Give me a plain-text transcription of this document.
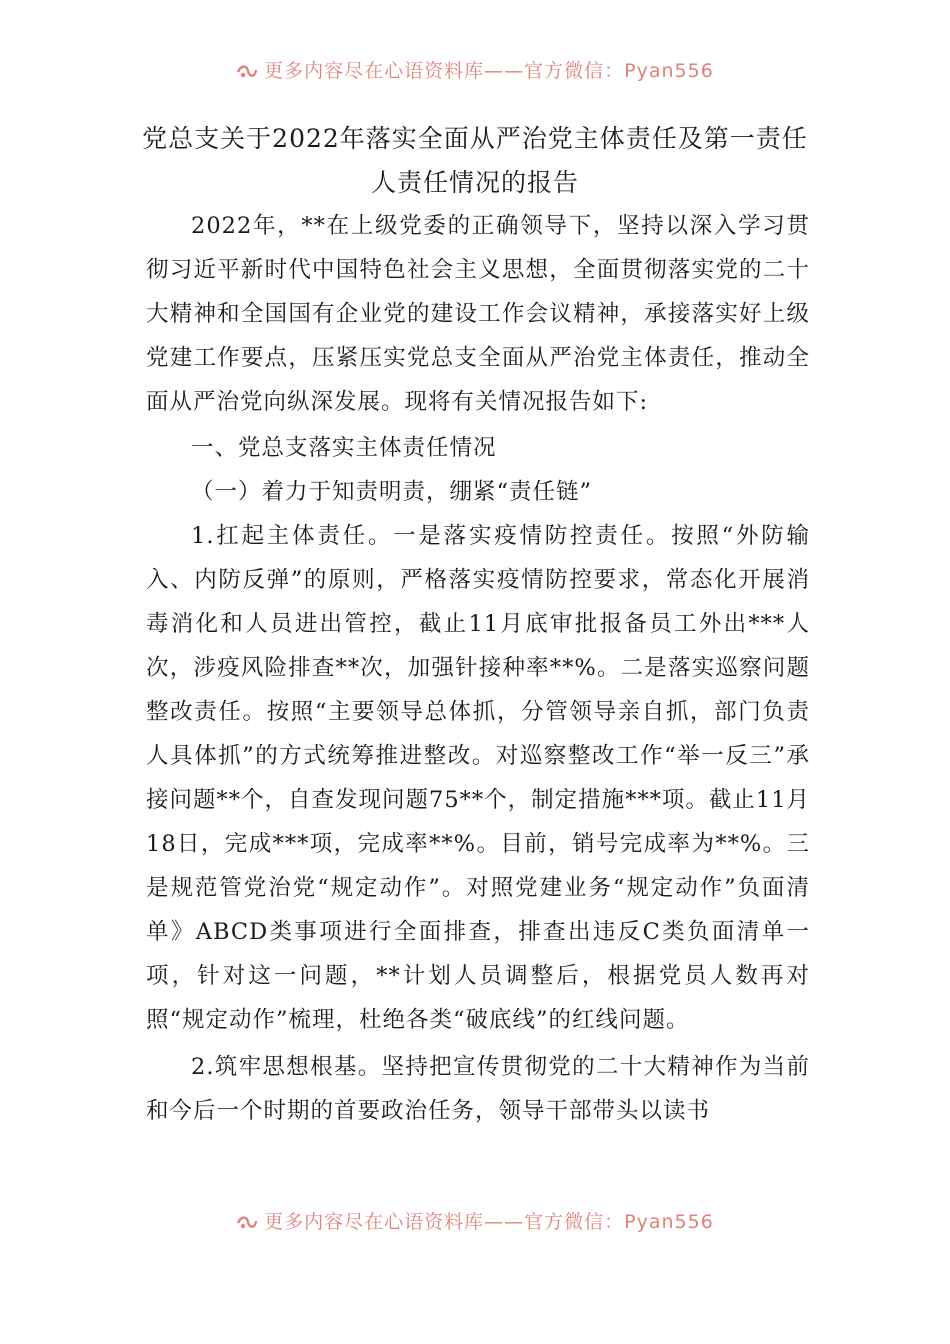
更多内容尽在心语资料库——官方微信：Pyan556
党总支关于2022年落实全面从严治党主体责任及第一责任人责任情况的报告

2022年，**在上级党委的正确领导下，坚持以深入学习贯彻习近平新时代中国特色社会主义思想，全面贯彻落实党的二十大精神和全国国有企业党的建设工作会议精神，承接落实好上级党建工作要点，压紧压实党总支全面从严治党主体责任，推动全面从严治党向纵深发展。现将有关情况报告如下:

一、党总支落实主体责任情况

（一）着力于知责明责，绷紧“责任链”

1.扛起主体责任。一是落实疫情防控责任。按照“外防输入、内防反弹”的原则，严格落实疫情防控要求，常态化开展消毒消化和人员进出管控，截止11月底审批报备员工外出***人次，涉疫风险排查**次，加强针接种率**%。二是落实巡察问题整改责任。按照“主要领导总体抓，分管领导亲自抓，部门负责人具体抓”的方式统筹推进整改。对巡察整改工作“举一反三”承接问题**个，自查发现问题75**个，制定措施***项。截止11月18日，完成***项，完成率**%。目前，销号完成率为**%。三是规范管党治党“规定动作”。对照党建业务“规定动作”负面清单》ABCD类事项进行全面排查，排查出违反C类负面清单一项，针对这一问题，**计划人员调整后，根据党员人数再对照“规定动作”梳理，杜绝各类“破底线”的红线问题。

2.筑牢思想根基。坚持把宣传贯彻党的二十大精神作为当前和今后一个时期的首要政治任务，领导干部带头以读书

更多内容尽在心语资料库——官方微信：Pyan556
